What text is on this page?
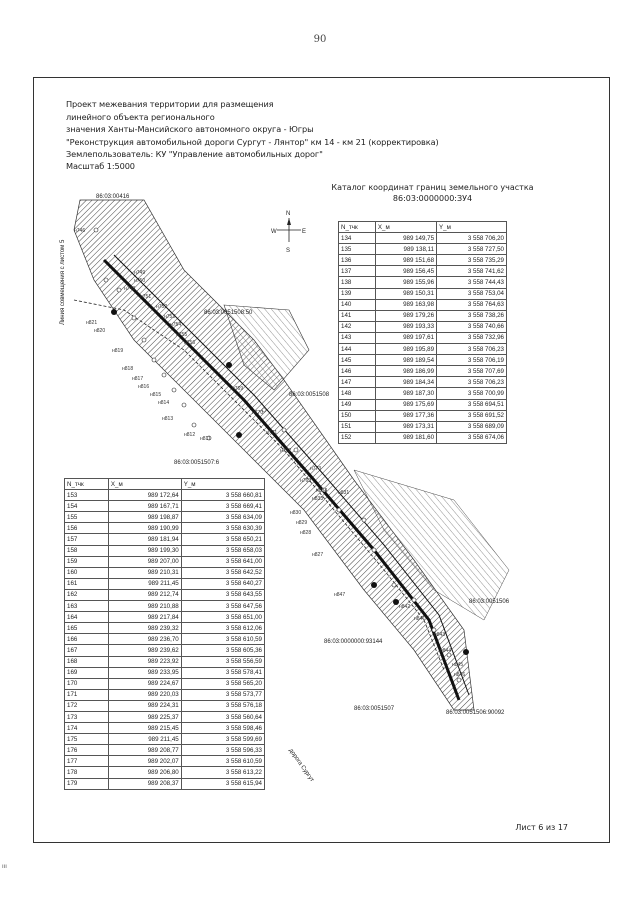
90
Проект межевания территории для размещения
линейного объекта регионального
значения Ханты-Мансийского автономного округа - Югры
"Реконструкция автомобильной дороги Сургут - Лянтор" км 14 - км 21 (корректировка)
Землепользователь: КУ "Управление автомобильных дорог"
Масштаб 1:5000
Каталог координат границ земельного участка
86:03:0000000:ЗУ4
N
S
W	E
86:03:0051508:50
86:03:0051508
86:03:0051507:6
86:03:0000000:93144
86:03:0051506
86:03:0051507
86:03:0051506:90092
86:03:00416
дорога Сургут
Линия совмещения с листом 5
н746
н750
н749
н748
н751
н752
н753
н754
н755
н756
н821
н820
н819
н818
н817
н816
н815
н814
н813
н812
н811
н769
н770
н771
н772
н773
н763
н834
н833
н831
н830
н829
н828
н827
н847
н842
н841
н843
н844
н845
н846
N_тчк	X_м	Y_м
134	989 149,75	3 558 706,20
135	989 138,11	3 558 727,50
136	989 151,68	3 558 735,29
137	989 156,45	3 558 741,62
138	989 155,96	3 558 744,43
139	989 150,31	3 558 753,04
140	989 163,98	3 558 764,63
141	989 179,26	3 558 738,26
142	989 193,33	3 558 740,66
143	989 197,61	3 558 732,96
144	989 195,89	3 558 706,23
145	989 189,54	3 558 706,19
146	989 186,99	3 558 707,69
147	989 184,34	3 558 706,23
148	989 187,30	3 558 700,99
149	989 175,69	3 558 694,51
150	989 177,36	3 558 691,52
151	989 173,31	3 558 689,09
152	989 181,60	3 558 674,06
N_тчк	X_м	Y_м
153	989 172,64	3 558 660,81
154	989 167,71	3 558 669,41
155	989 198,87	3 558 634,09
156	989 190,99	3 558 630,39
157	989 181,94	3 558 650,21
158	989 199,30	3 558 658,03
159	989 207,00	3 558 641,00
160	989 210,31	3 558 642,52
161	989 211,45	3 558 640,27
162	989 212,74	3 558 643,55
163	989 210,88	3 558 647,56
164	989 217,84	3 558 651,00
165	989 239,32	3 558 612,06
166	989 236,70	3 558 610,59
167	989 239,62	3 558 605,36
168	989 223,92	3 558 556,59
169	989 233,95	3 558 578,41
170	989 224,67	3 558 565,20
171	989 220,03	3 558 573,77
172	989 224,31	3 558 576,18
173	989 225,37	3 558 560,64
174	989 215,45	3 558 598,46
175	989 211,45	3 558 599,69
176	989 208,77	3 558 596,33
177	989 202,07	3 558 610,59
178	989 206,80	3 558 613,22
179	989 208,37	3 558 615,94
Лист 6 из 17
ווו
